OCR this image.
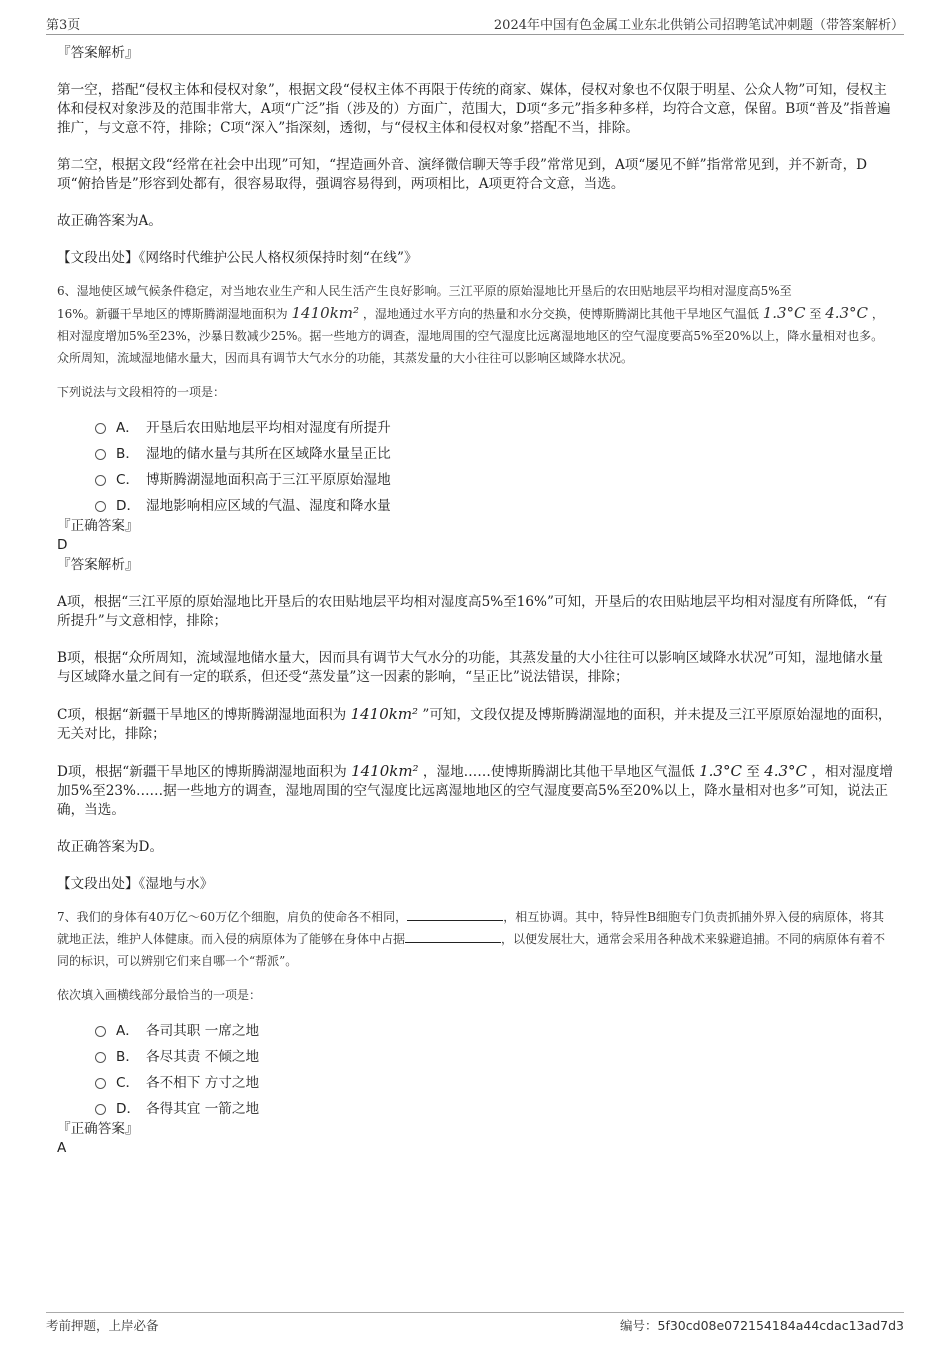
第3页	2024年中国有色金属工业东北供销公司招聘笔试冲刺题（带答案解析）

『答案解析』

第一空，搭配“侵权主体和侵权对象”，根据文段“侵权主体不再限于传统的商家、媒体，侵权对象也不仅限于明星、公众人物”可知，侵权主体和侵权对象涉及的范围非常大，A项“广泛”指（涉及的）方面广，范围大，D项“多元”指多种多样，均符合文意，保留。B项“普及”指普遍推广，与文意不符，排除；C项“深入”指深刻，透彻，与“侵权主体和侵权对象”搭配不当，排除。

第二空，根据文段“经常在社会中出现”可知，“捏造画外音、演绎微信聊天等手段”常常见到，A项“屡见不鲜”指常常见到，并不新奇，D项“俯拾皆是”形容到处都有，很容易取得，强调容易得到，两项相比，A项更符合文意，当选。

故正确答案为A。

【文段出处】《网络时代维护公民人格权须保持时刻“在线”》

6、湿地使区域气候条件稳定，对当地农业生产和人民生活产生良好影响。三江平原的原始湿地比开垦后的农田贴地层平均相对湿度高5%至
16%。新疆干旱地区的博斯腾湖湿地面积为 1410km² ，湿地通过水平方向的热量和水分交换，使博斯腾湖比其他干旱地区气温低 1.3°C 至 4.3°C ，相对湿度增加5%至23%，沙暴日数减少25%。据一些地方的调查，湿地周围的空气湿度比远离湿地地区的空气湿度要高5%至20%以上，降水量相对也多。众所周知，流域湿地储水量大，因而具有调节大气水分的功能，其蒸发量的大小往往可以影响区域降水状况。
下列说法与文段相符的一项是：
A． 开垦后农田贴地层平均相对湿度有所提升
B． 湿地的储水量与其所在区域降水量呈正比
C． 博斯腾湖湿地面积高于三江平原原始湿地
D． 湿地影响相应区域的气温、湿度和降水量

『正确答案』

D

『答案解析』

A项，根据“三江平原的原始湿地比开垦后的农田贴地层平均相对湿度高5%至16%”可知，开垦后的农田贴地层平均相对湿度有所降低，“有所提升”与文意相悖，排除；

B项，根据“众所周知，流域湿地储水量大，因而具有调节大气水分的功能，其蒸发量的大小往往可以影响区域降水状况”可知，湿地储水量与区域降水量之间有一定的联系，但还受“蒸发量”这一因素的影响，“呈正比”说法错误，排除；

C项，根据“新疆干旱地区的博斯腾湖湿地面积为 1410km² ”可知，文段仅提及博斯腾湖湿地的面积，并未提及三江平原原始湿地的面积，无关对比，排除；

D项，根据“新疆干旱地区的博斯腾湖湿地面积为 1410km² ，湿地……使博斯腾湖比其他干旱地区气温低 1.3°C 至 4.3°C ，相对湿度增加5%至23%……据一些地方的调查，湿地周围的空气湿度比远离湿地地区的空气湿度要高5%至20%以上，降水量相对也多”可知，说法正确，当选。

故正确答案为D。

【文段出处】《湿地与水》

7、我们的身体有40万亿～60万亿个细胞，肩负的使命各不相同，	，相互协调。其中，特异性B细胞专门负责抓捕外界入侵的病原体，将其就地正法，维护人体健康。而入侵的病原体为了能够在身体中占据	，以便发展壮大，通常会采用各种战术来躲避追捕。不同的病原体有着不同的标识，可以辨别它们来自哪一个“帮派”。
依次填入画横线部分最恰当的一项是：
A． 各司其职 一席之地
B． 各尽其责 不倾之地
C． 各不相下 方寸之地
D． 各得其宜 一箭之地

『正确答案』

A

考前押题，上岸必备	编号：5f30cd08e072154184a44cdac13ad7d3
